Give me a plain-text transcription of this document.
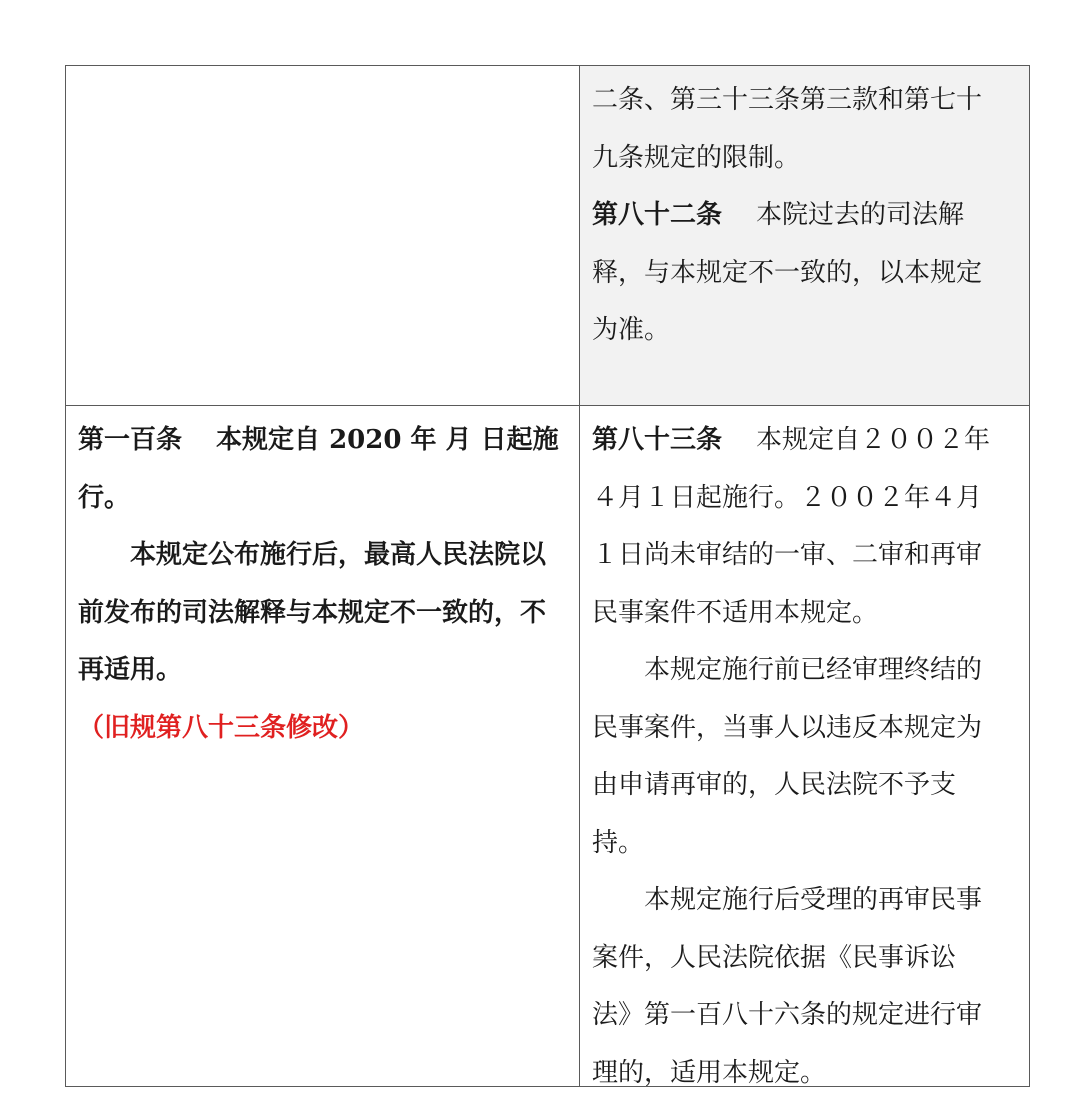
二条、第三十三条第三款和第七十
九条规定的限制。
第八十二条 本院过去的司法解
释，与本规定不一致的，以本规定
为准。
第一百条 本规定自 2020 年 月 日起施
行。
本规定公布施行后，最高人民法院以
前发布的司法解释与本规定不一致的，不
再适用。
（旧规第八十三条修改）
第八十三条 本规定自２００２年
４月１日起施行。２００２年４月
１日尚未审结的一审、二审和再审
民事案件不适用本规定。
本规定施行前已经审理终结的
民事案件，当事人以违反本规定为
由申请再审的，人民法院不予支
持。
本规定施行后受理的再审民事
案件，人民法院依据《民事诉讼
法》第一百八十六条的规定进行审
理的，适用本规定。
